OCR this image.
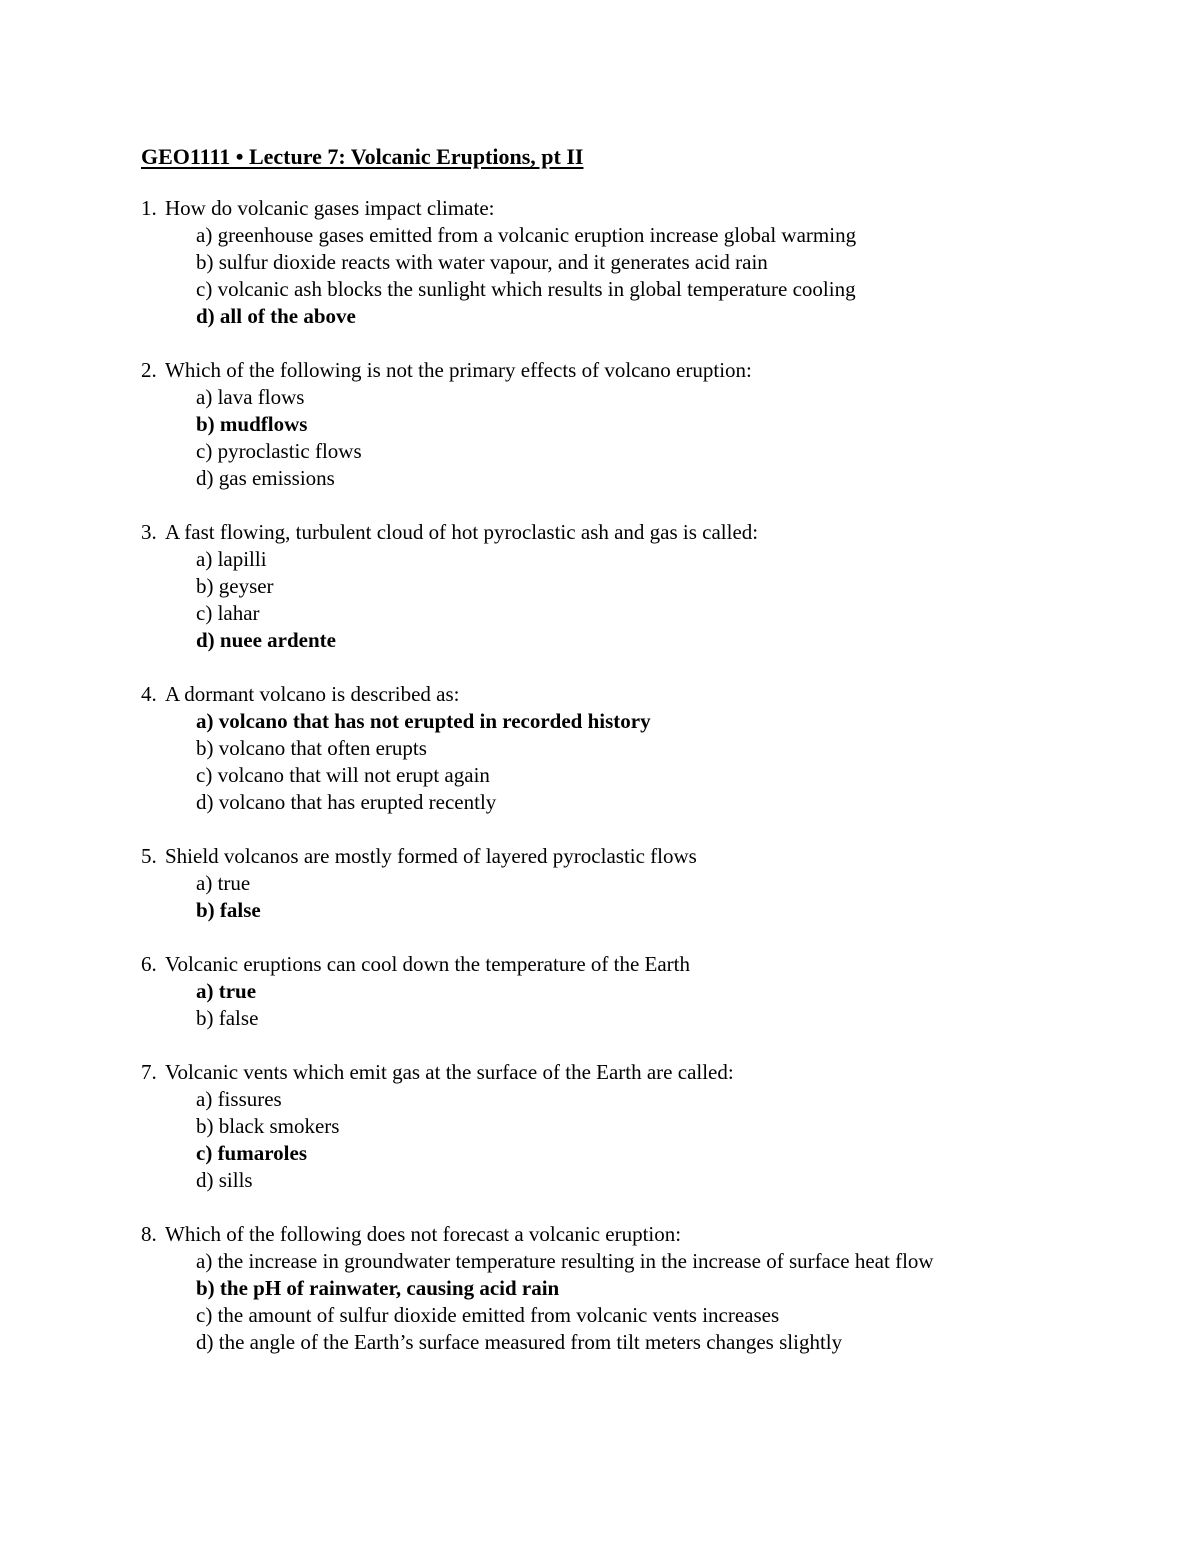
GEO1111 • Lecture 7: Volcanic Eruptions, pt II
1. How do volcanic gases impact climate:
a) greenhouse gases emitted from a volcanic eruption increase global warming
b) sulfur dioxide reacts with water vapour, and it generates acid rain
c) volcanic ash blocks the sunlight which results in global temperature cooling
d) all of the above
2. Which of the following is not the primary effects of volcano eruption:
a) lava flows
b) mudflows
c) pyroclastic flows
d) gas emissions
3. A fast flowing, turbulent cloud of hot pyroclastic ash and gas is called:
a) lapilli
b) geyser
c) lahar
d) nuee ardente
4. A dormant volcano is described as:
a) volcano that has not erupted in recorded history
b) volcano that often erupts
c) volcano that will not erupt again
d) volcano that has erupted recently
5. Shield volcanos are mostly formed of layered pyroclastic flows
a) true
b) false
6. Volcanic eruptions can cool down the temperature of the Earth
a) true
b) false
7. Volcanic vents which emit gas at the surface of the Earth are called:
a) fissures
b) black smokers
c) fumaroles
d) sills
8. Which of the following does not forecast a volcanic eruption:
a) the increase in groundwater temperature resulting in the increase of surface heat flow
b) the pH of rainwater, causing acid rain
c) the amount of sulfur dioxide emitted from volcanic vents increases
d) the angle of the Earth’s surface measured from tilt meters changes slightly
